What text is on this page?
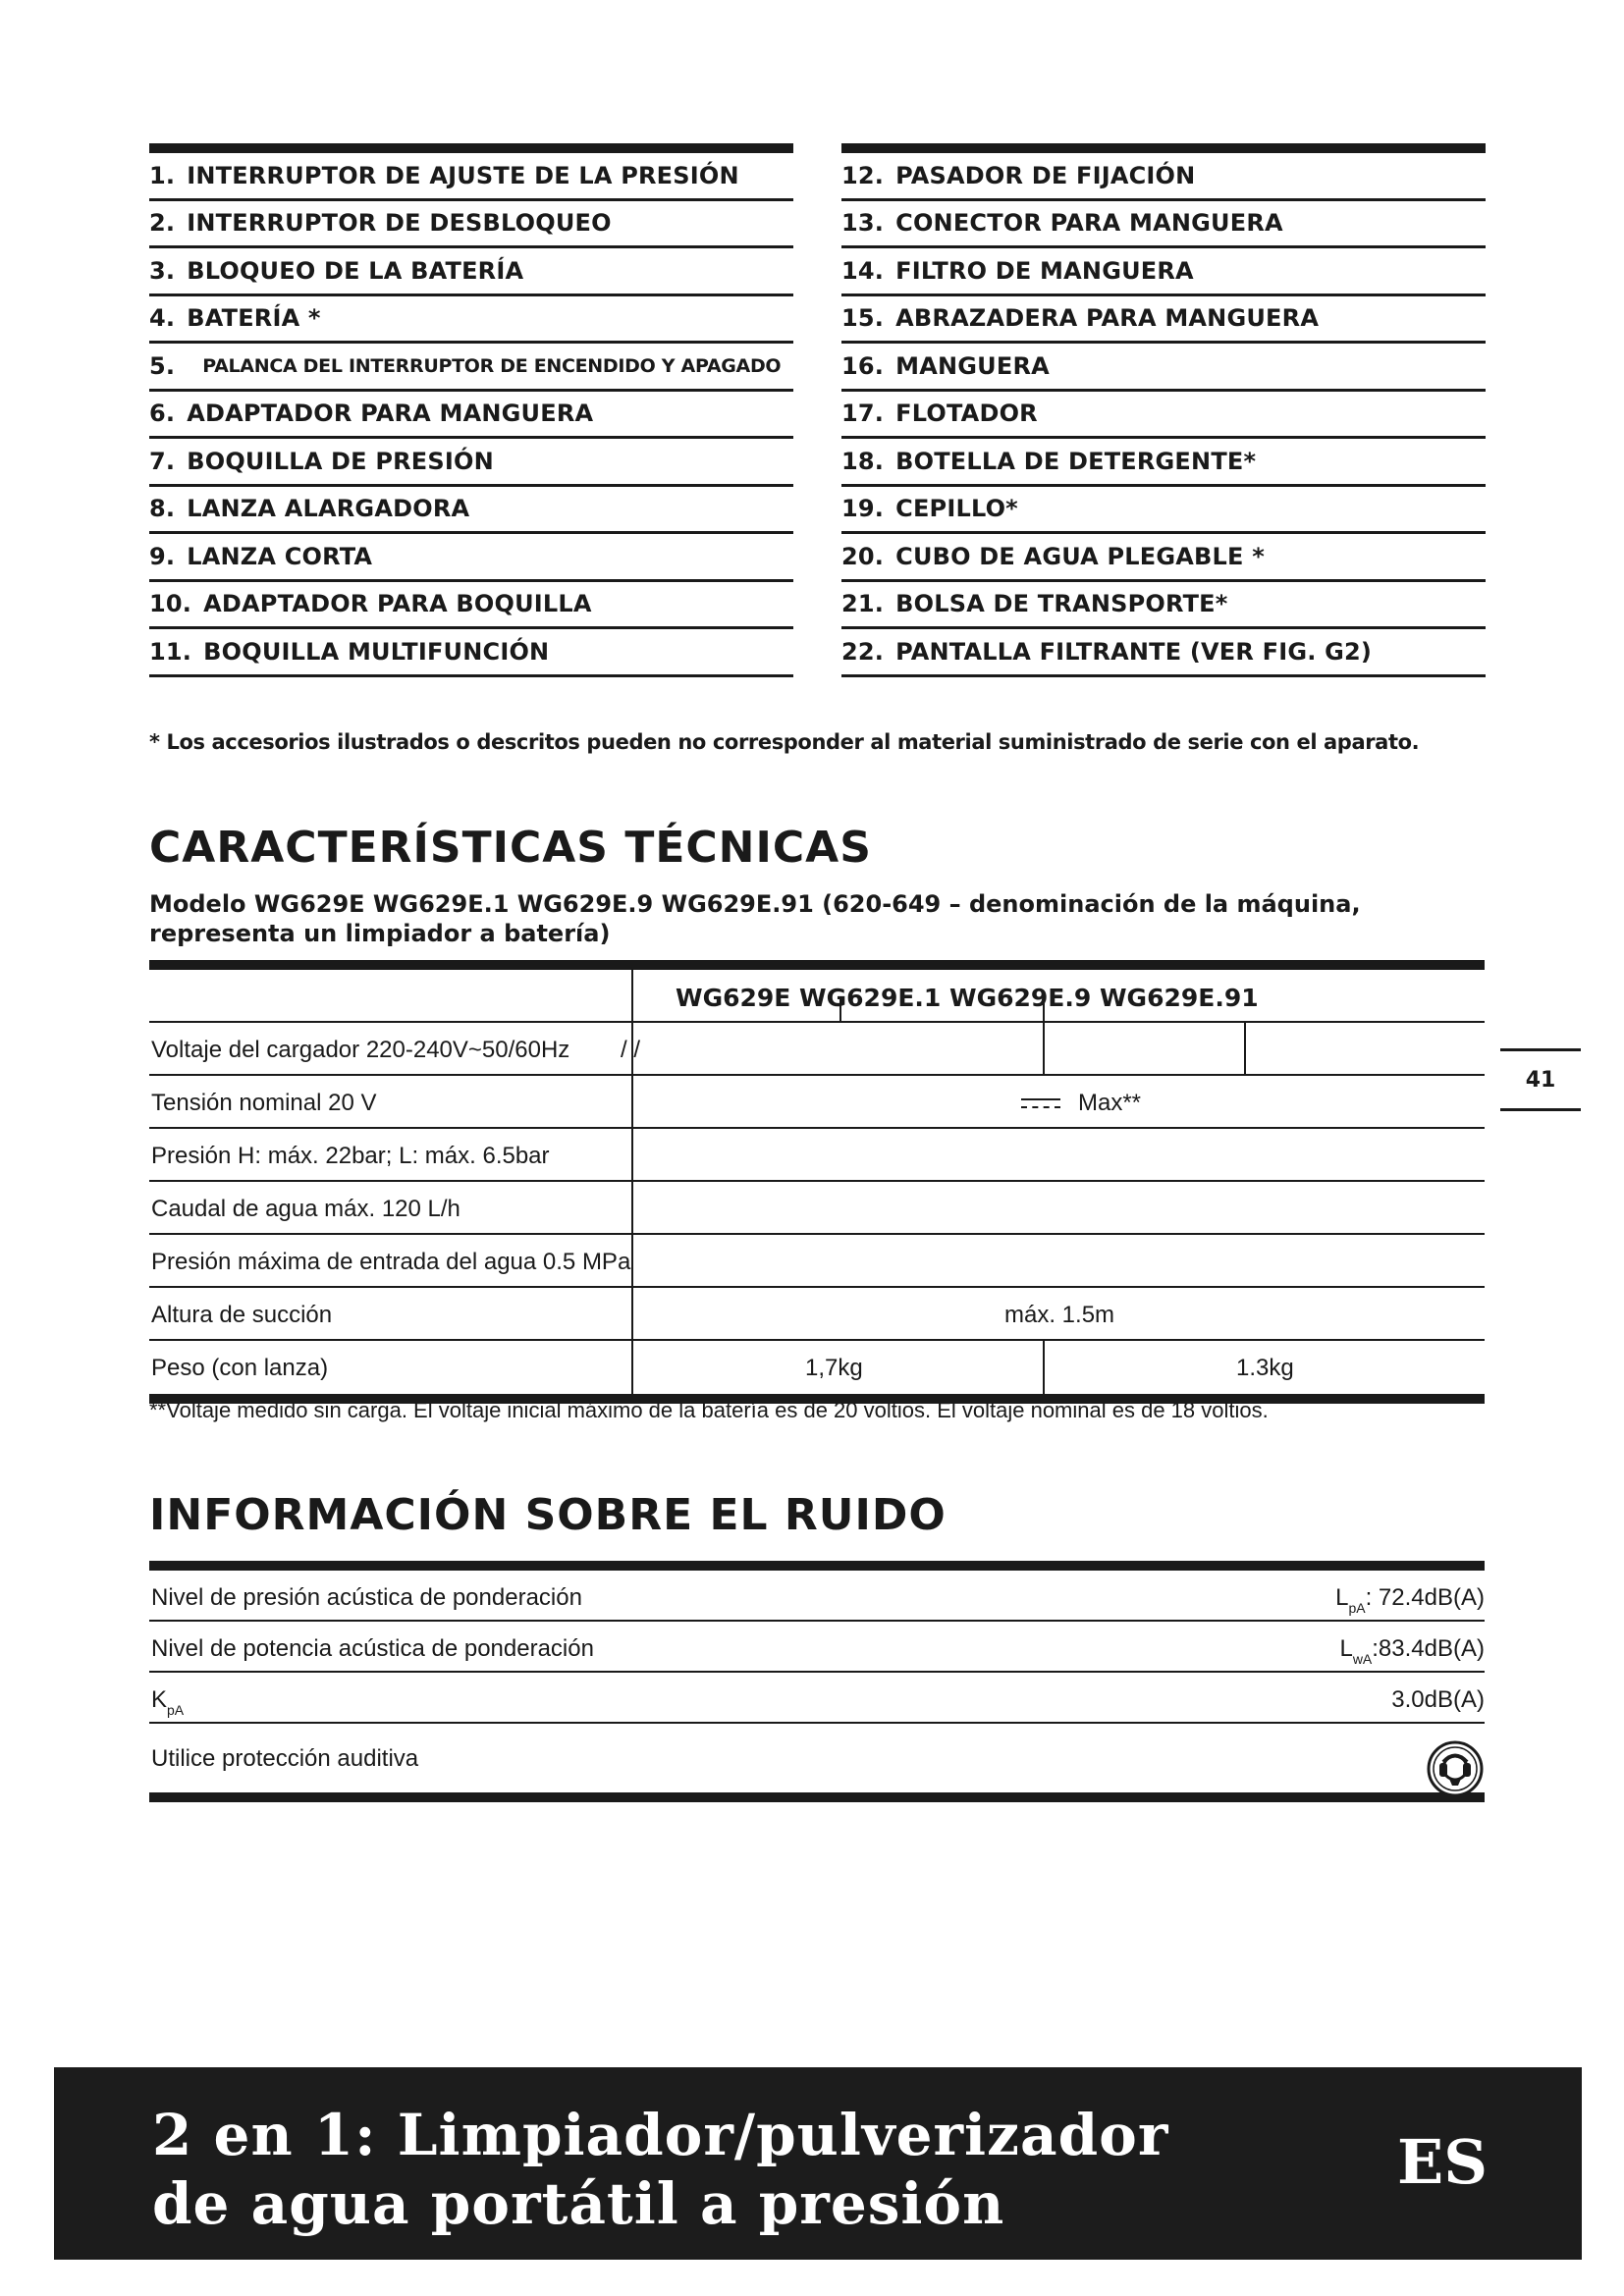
1. INTERRUPTOR DE AJUSTE DE LA PRESIÓN
2. INTERRUPTOR DE DESBLOQUEO
3. BLOQUEO DE LA BATERÍA
4. BATERÍA *
5. PALANCA DEL INTERRUPTOR DE ENCENDIDO Y APAGADO
6. ADAPTADOR PARA MANGUERA
7. BOQUILLA DE PRESIÓN
8. LANZA ALARGADORA
9. LANZA CORTA
10. ADAPTADOR PARA BOQUILLA
11. BOQUILLA MULTIFUNCIÓN
12. PASADOR DE FIJACIÓN
13. CONECTOR PARA MANGUERA
14. FILTRO DE MANGUERA
15. ABRAZADERA PARA MANGUERA
16. MANGUERA
17. FLOTADOR
18. BOTELLA DE DETERGENTE*
19. CEPILLO*
20. CUBO DE AGUA PLEGABLE *
21. BOLSA DE TRANSPORTE*
22. PANTALLA FILTRANTE (VER FIG. G2)
* Los accesorios ilustrados o descritos pueden no corresponder al material suministrado de serie con el aparato.
CARACTERÍSTICAS TÉCNICAS
Modelo WG629E WG629E.1 WG629E.9 WG629E.91 (620-649 – denominación de la máquina, representa un limpiador a batería)
WG629E WG629E.1 WG629E.9 WG629E.91
Voltaje del cargador 220-240V~50/60Hz / /
Tensión nominal 20 V	Max**
Presión H: máx. 22bar; L: máx. 6.5bar
Caudal de agua máx. 120 L/h
Presión máxima de entrada del agua 0.5 MPa
Altura de succión	máx. 1.5m
Peso (con lanza)	1,7kg	1.3kg
**Voltaje medido sin carga. El voltaje inicial máximo de la batería es de 20 voltios. El voltaje nominal es de 18 voltios.
41
INFORMACIÓN SOBRE EL RUIDO
Nivel de presión acústica de ponderación	$L_{pA}$: 72.4dB(A)
Nivel de potencia acústica de ponderación	$L_{wA}:83.4dB(A)$
$K_{pA}$	3.0dB(A)
Utilice protección auditiva
2 en 1: Limpiador/pulverizador
de agua portátil a presión
ES
